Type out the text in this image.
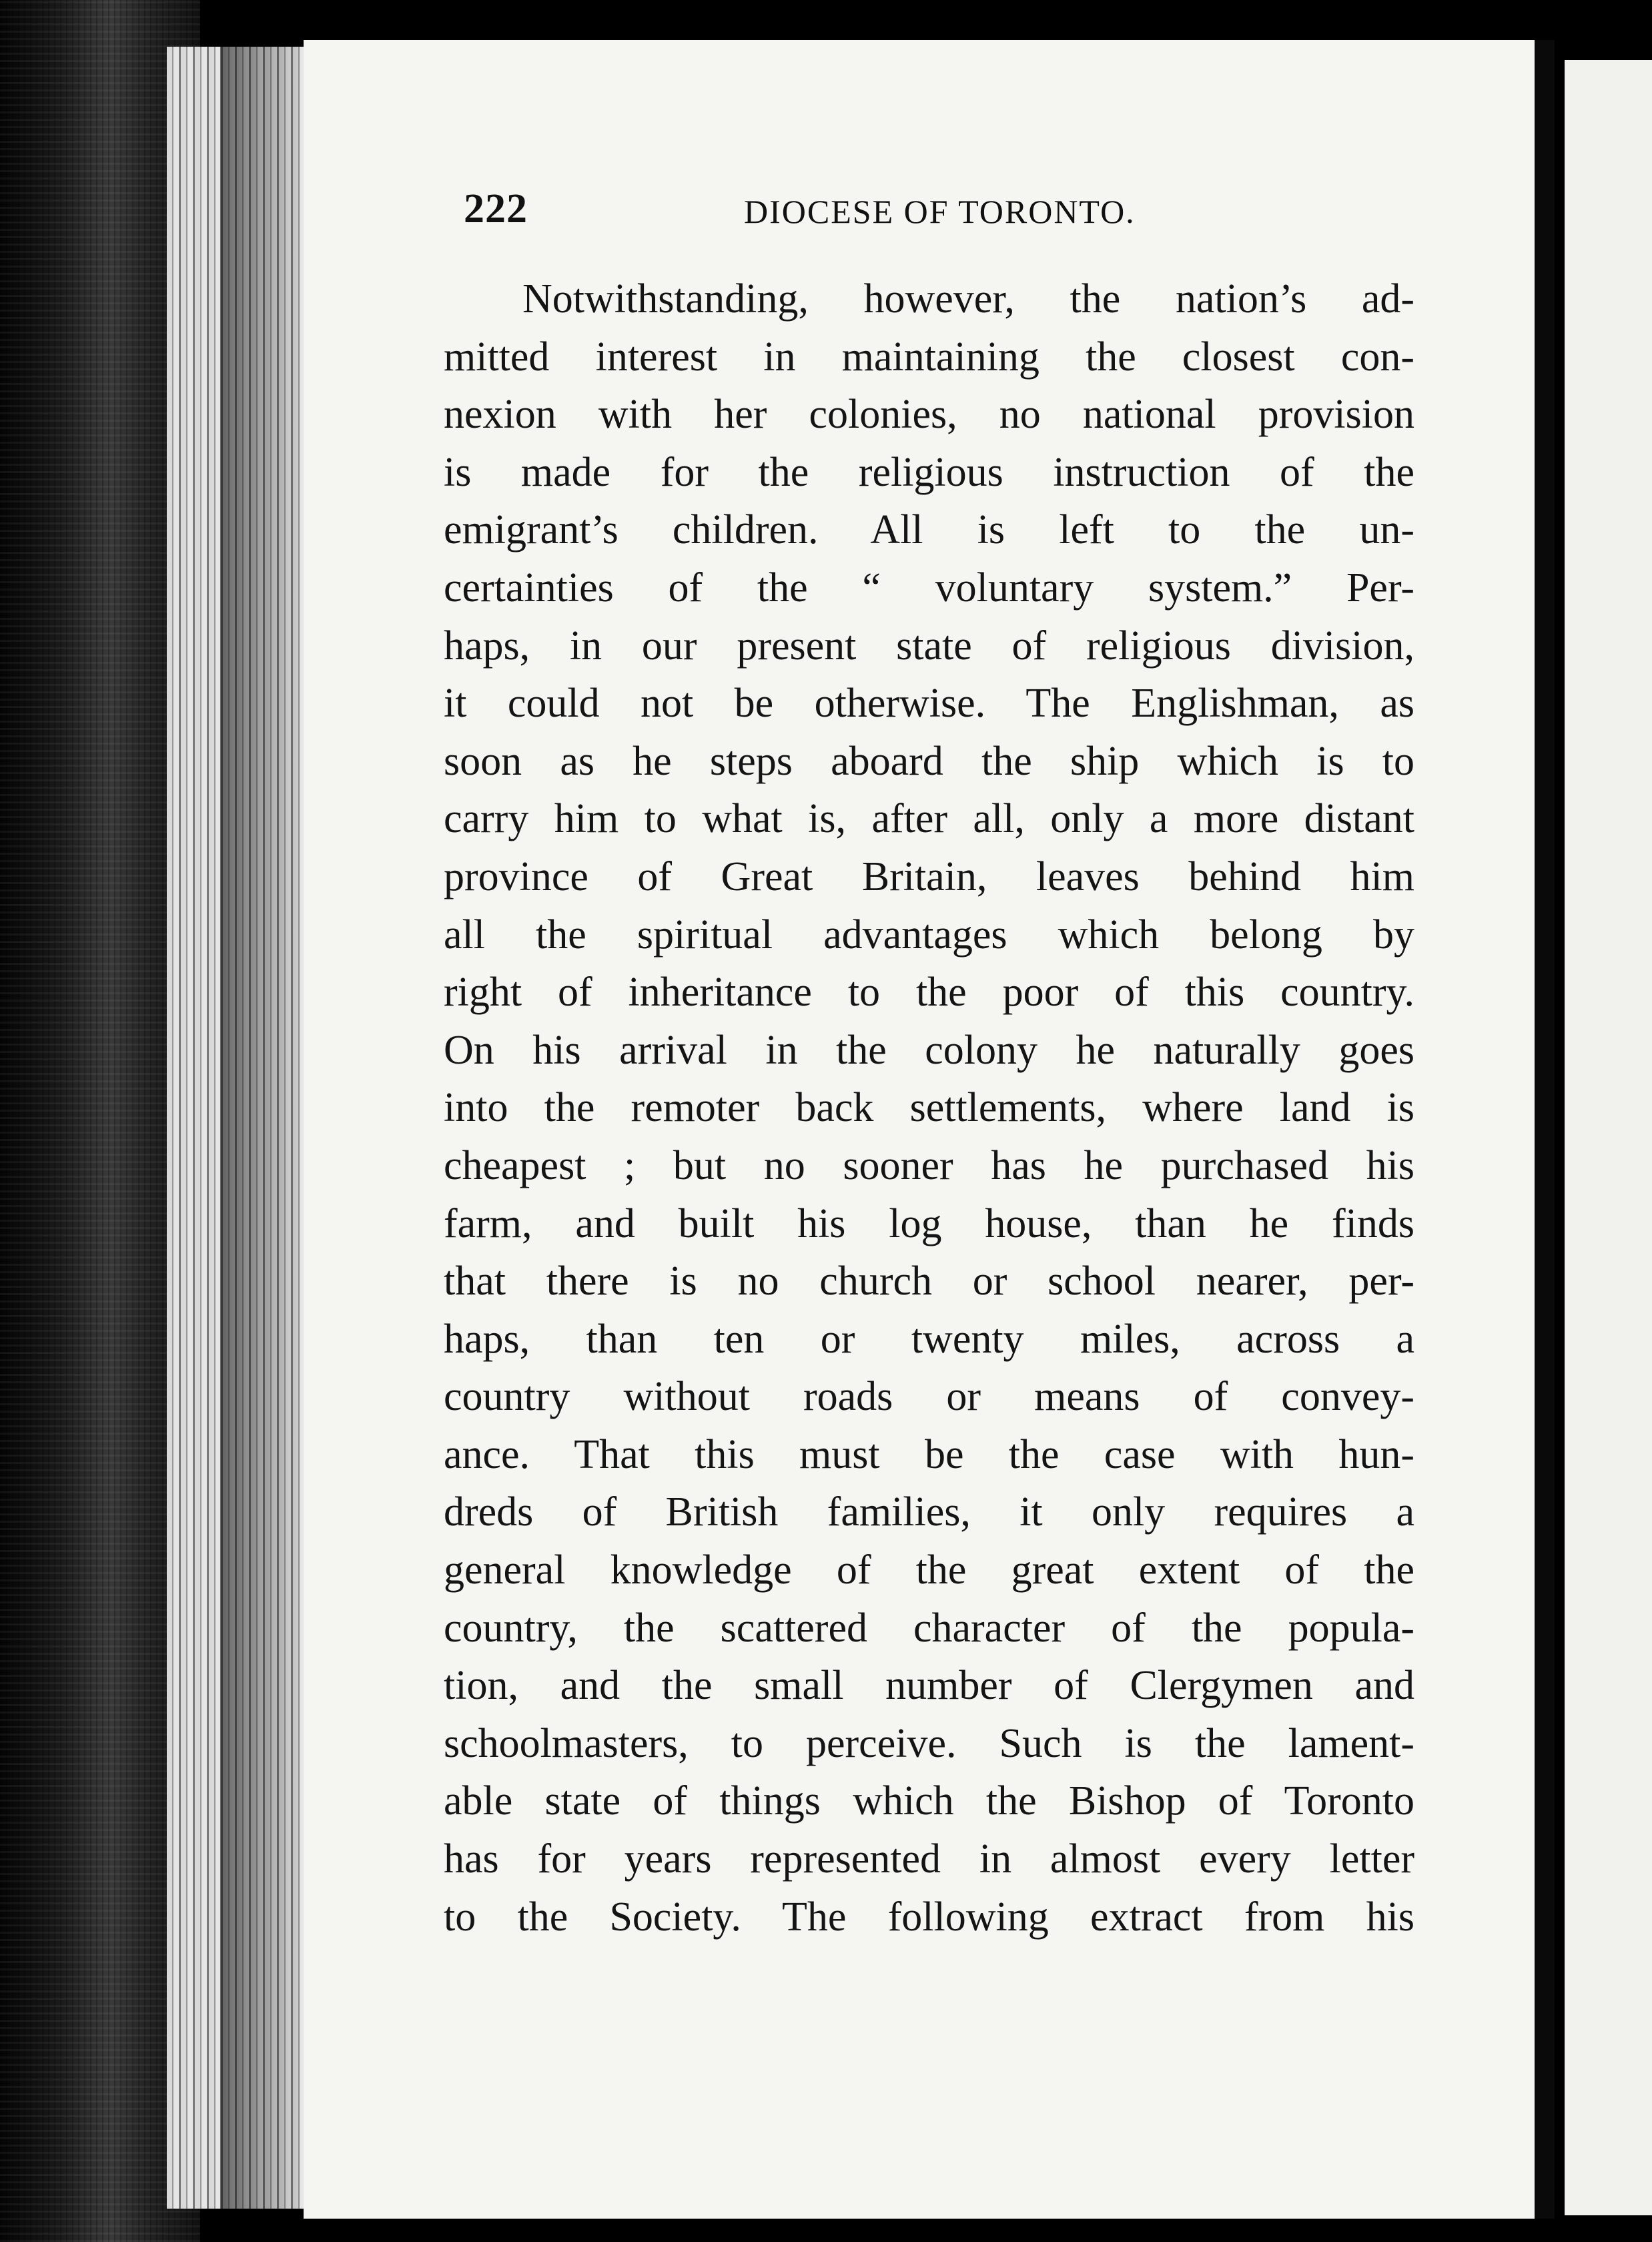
222	DIOCESE OF TORONTO.
Notwithstanding, however, the nation’s ad-
mitted interest in maintaining the closest con-
nexion with her colonies, no national provision
is made for the religious instruction of the
emigrant’s children. All is left to the un-
certainties of the “ voluntary system.” Per-
haps, in our present state of religious division,
it could not be otherwise. The Englishman, as
soon as he steps aboard the ship which is to
carry him to what is, after all, only a more distant
province of Great Britain, leaves behind him
all the spiritual advantages which belong by
right of inheritance to the poor of this country.
On his arrival in the colony he naturally goes
into the remoter back settlements, where land is
cheapest ; but no sooner has he purchased his
farm, and built his log house, than he finds
that there is no church or school nearer, per-
haps, than ten or twenty miles, across a
country without roads or means of convey-
ance. That this must be the case with hun-
dreds of British families, it only requires a
general knowledge of the great extent of the
country, the scattered character of the popula-
tion, and the small number of Clergymen and
schoolmasters, to perceive. Such is the lament-
able state of things which the Bishop of Toronto
has for years represented in almost every letter
to the Society. The following extract from his
